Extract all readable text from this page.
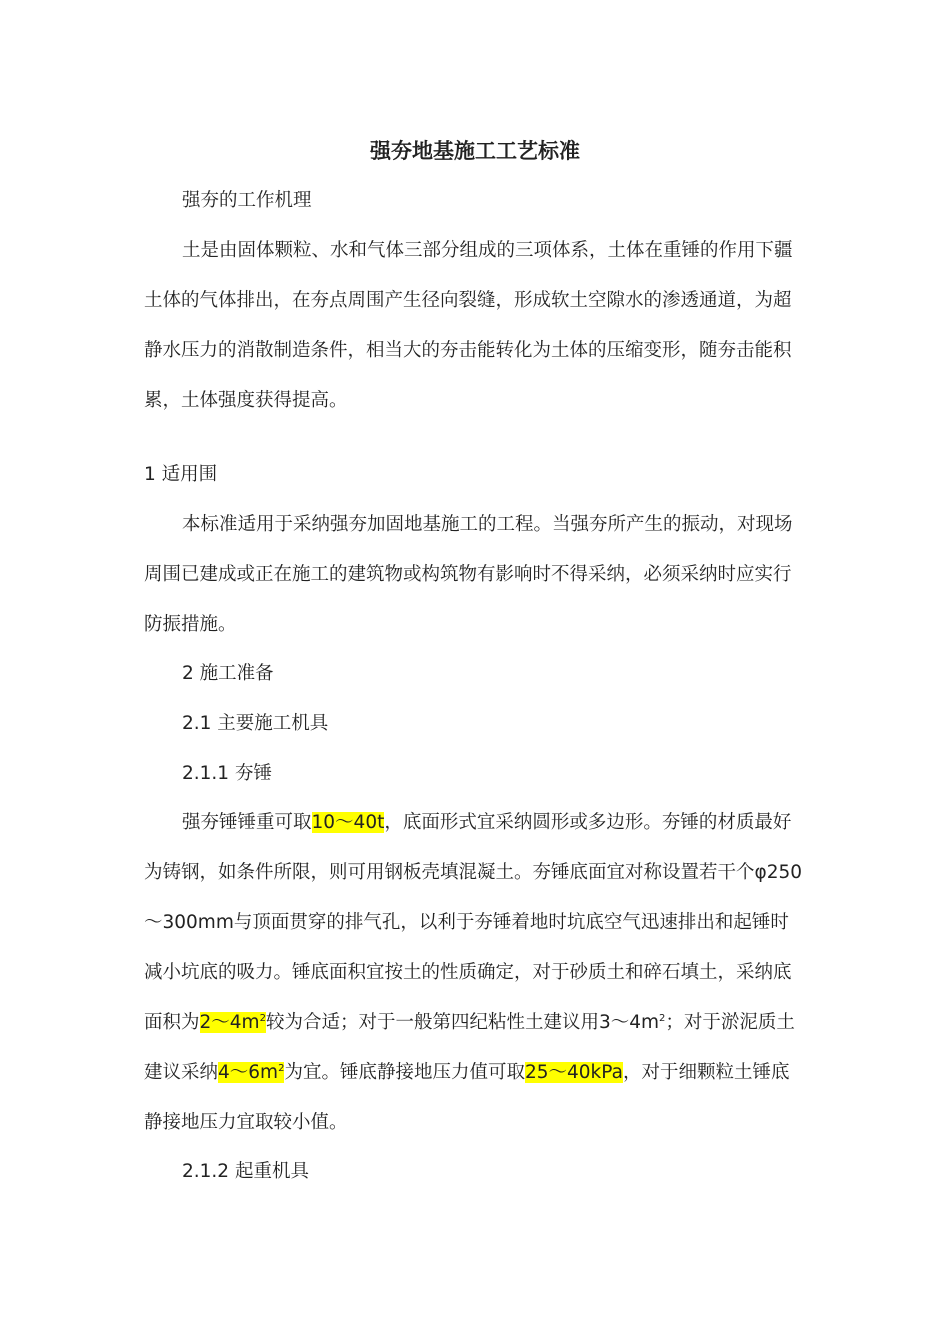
强夯地基施工工艺标准

强夯的工作机理

土是由固体颗粒、水和气体三部分组成的三项体系，土体在重锤的作用下疆土体的气体排出，在夯点周围产生径向裂缝，形成软土空隙水的渗透通道，为超静水压力的消散制造条件，相当大的夯击能转化为土体的压缩变形，随夯击能积累，土体强度获得提高。

1 适用围

本标准适用于采纳强夯加固地基施工的工程。当强夯所产生的振动，对现场周围已建成或正在施工的建筑物或构筑物有影响时不得采纳，必须采纳时应实行防振措施。

2 施工准备

2.1 主要施工机具

2.1.1 夯锤

强夯锤锤重可取10～40t，底面形式宜采纳圆形或多边形。夯锤的材质最好为铸钢，如条件所限，则可用钢板壳填混凝土。夯锤底面宜对称设置若干个φ250～300mm与顶面贯穿的排气孔，以利于夯锤着地时坑底空气迅速排出和起锤时减小坑底的吸力。锤底面积宜按土的性质确定，对于砂质土和碎石填土，采纳底面积为$2\sim 4m^2$较为合适；对于一般第四纪粘性土建议用$3\sim 4m^2$；对于淤泥质土建议采纳$4\sim 6m^2$为宜。锤底静接地压力值可取25～40kPa，对于细颗粒土锤底静接地压力宜取较小值。

2.1.2 起重机具
